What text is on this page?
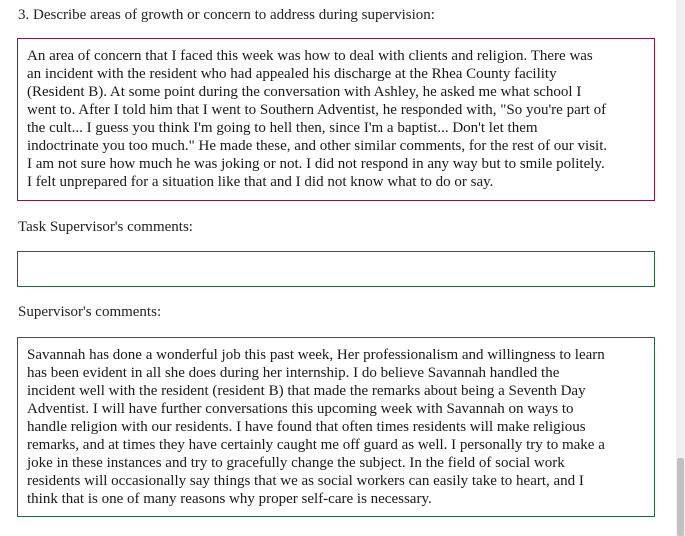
3. Describe areas of growth or concern to address during supervision:
An area of concern that I faced this week was how to deal with clients and religion. There was
an incident with the resident who had appealed his discharge at the Rhea County facility
(Resident B). At some point during the conversation with Ashley, he asked me what school I
went to. After I told him that I went to Southern Adventist, he responded with, "So you're part of
the cult... I guess you think I'm going to hell then, since I'm a baptist... Don't let them
indoctrinate you too much." He made these, and other similar comments, for the rest of our visit.
I am not sure how much he was joking or not. I did not respond in any way but to smile politely.
I felt unprepared for a situation like that and I did not know what to do or say.
Task Supervisor's comments:
Supervisor's comments:
Savannah has done a wonderful job this past week, Her professionalism and willingness to learn
has been evident in all she does during her internship. I do believe Savannah handled the
incident well with the resident (resident B) that made the remarks about being a Seventh Day
Adventist. I will have further conversations this upcoming week with Savannah on ways to
handle religion with our residents. I have found that often times residents will make religious
remarks, and at times they have certainly caught me off guard as well. I personally try to make a
joke in these instances and try to gracefully change the subject. In the field of social work
residents will occasionally say things that we as social workers can easily take to heart, and I
think that is one of many reasons why proper self-care is necessary.
